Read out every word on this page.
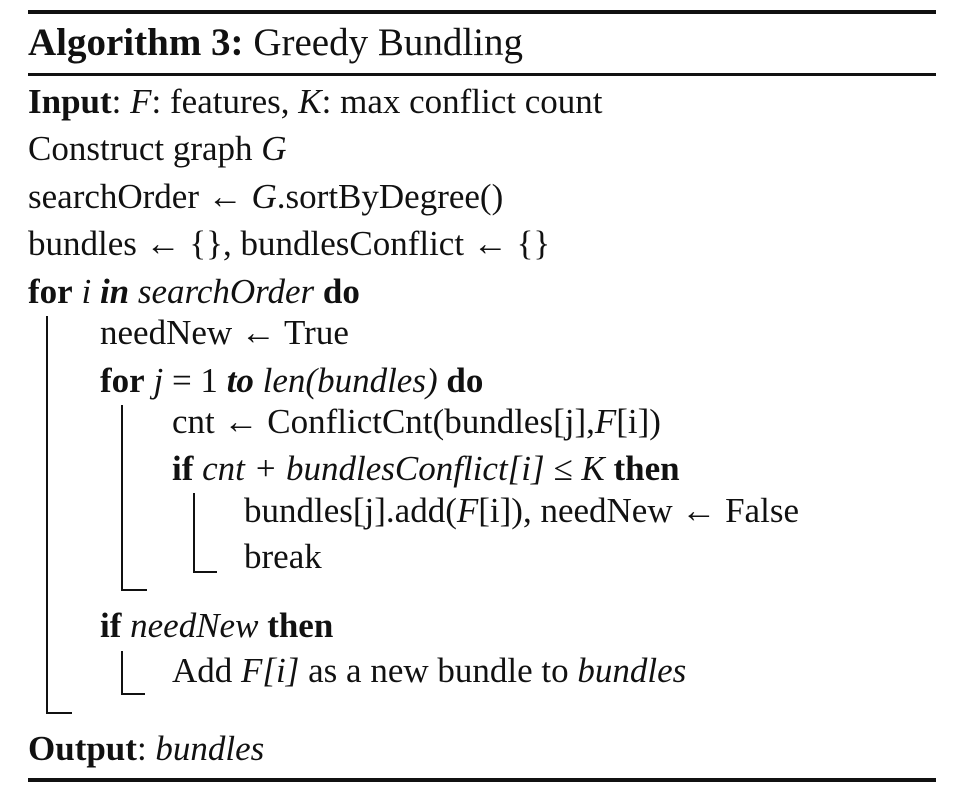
Algorithm 3: Greedy Bundling
Input: F: features, K: max conflict count
Construct graph G
searchOrder ← G.sortByDegree()
bundles ← {}, bundlesConflict ← {}
for i in searchOrder do
needNew ← True
for j = 1 to len(bundles) do
cnt ← ConflictCnt(bundles[j],F[i])
if cnt + bundlesConflict[i] ≤ K then
bundles[j].add(F[i]), needNew ← False
break
if needNew then
Add F[i] as a new bundle to bundles
Output: bundles
